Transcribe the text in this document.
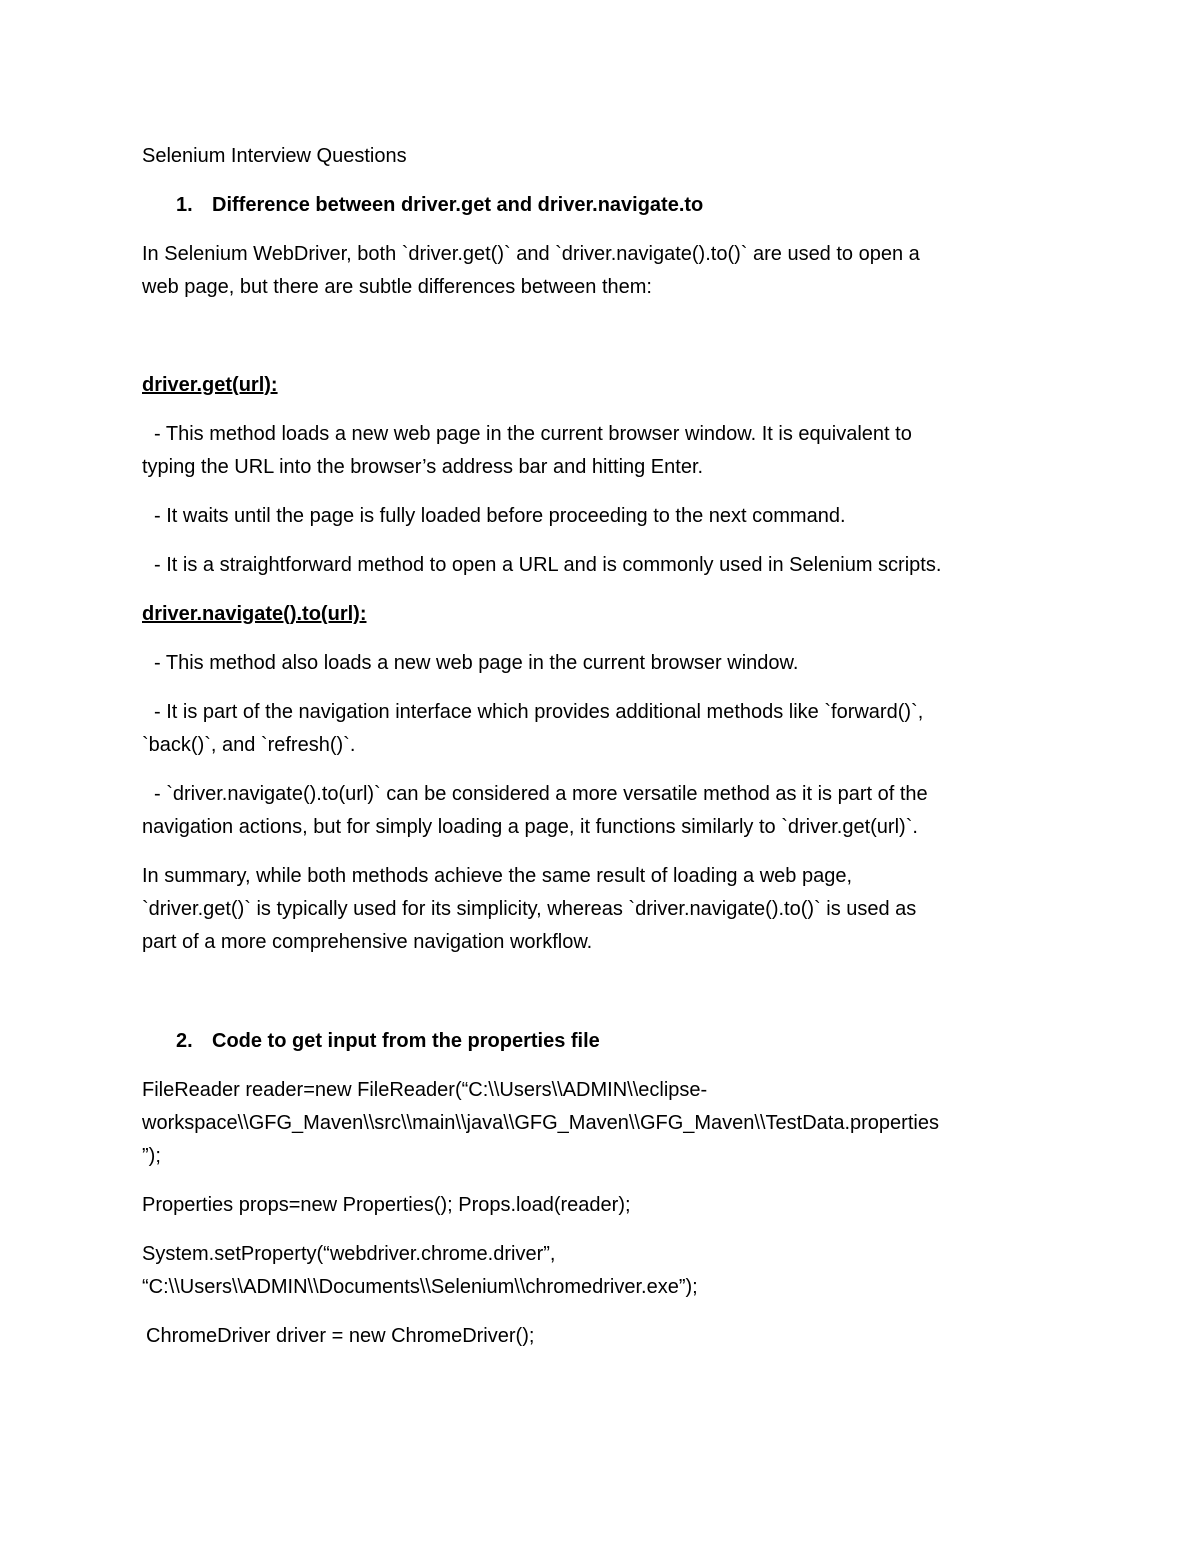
Selenium Interview Questions
1. Difference between driver.get and driver.navigate.to
In Selenium WebDriver, both `driver.get()` and `driver.navigate().to()` are used to open a
web page, but there are subtle differences between them:
driver.get(url):
- This method loads a new web page in the current browser window. It is equivalent to
typing the URL into the browser’s address bar and hitting Enter.
- It waits until the page is fully loaded before proceeding to the next command.
- It is a straightforward method to open a URL and is commonly used in Selenium scripts.
driver.navigate().to(url):
- This method also loads a new web page in the current browser window.
- It is part of the navigation interface which provides additional methods like `forward()`,
`back()`, and `refresh()`.
- `driver.navigate().to(url)` can be considered a more versatile method as it is part of the
navigation actions, but for simply loading a page, it functions similarly to `driver.get(url)`.
In summary, while both methods achieve the same result of loading a web page,
`driver.get()` is typically used for its simplicity, whereas `driver.navigate().to()` is used as
part of a more comprehensive navigation workflow.
2. Code to get input from the properties file
FileReader reader=new FileReader(“C:\\Users\\ADMIN\\eclipse-
workspace\\GFG_Maven\\src\\main\\java\\GFG_Maven\\GFG_Maven\\TestData.properties
”);
Properties props=new Properties(); Props.load(reader);
System.setProperty(“webdriver.chrome.driver”,
“C:\\Users\\ADMIN\\Documents\\Selenium\\chromedriver.exe”);
ChromeDriver driver = new ChromeDriver();
